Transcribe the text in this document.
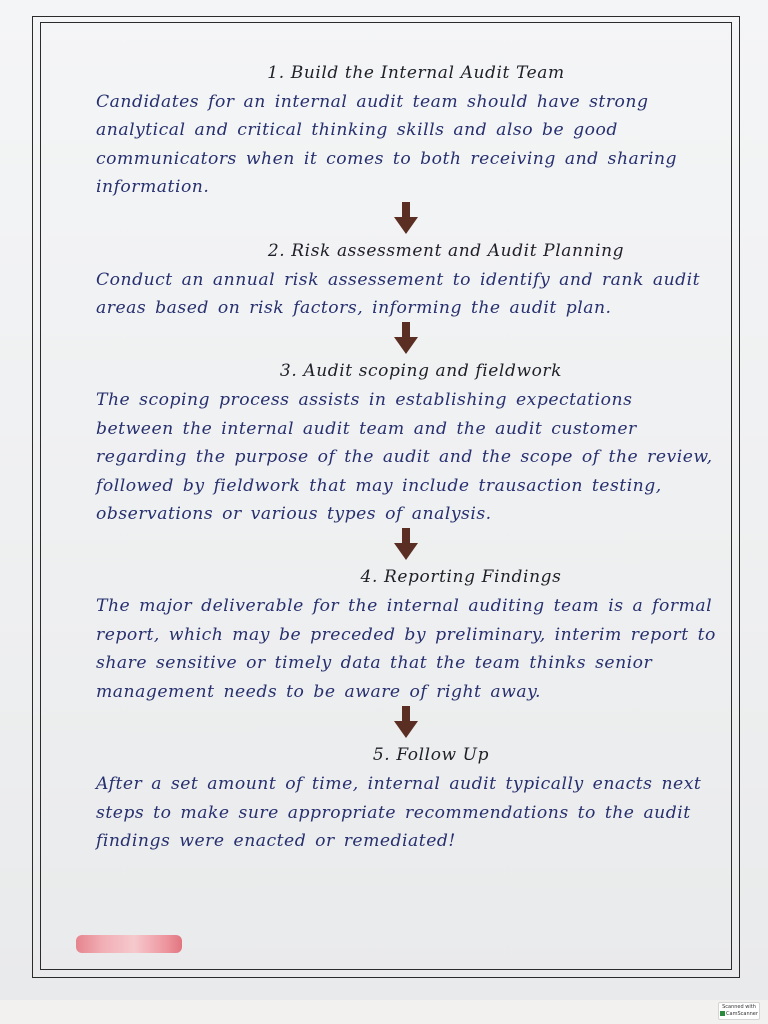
1. Build the Internal Audit Team
Candidates for an internal audit team should have strong analytical and critical thinking skills and also be good communicators when it comes to both receiving and sharing information.
2. Risk assessment and Audit Planning
Conduct an annual risk assessement to identify and rank audit areas based on risk factors, informing the audit plan.
3. Audit scoping and fieldwork
The scoping process assists in establishing expectations between the internal audit team and the audit customer regarding the purpose of the audit and the scope of the review, followed by fieldwork that may include trausaction testing, observations or various types of analysis.
4. Reporting Findings
The major deliverable for the internal auditing team is a formal report, which may be preceded by preliminary, interim report to share sensitive or timely data that the team thinks senior management needs to be aware of right away.
5. Follow Up
After a set amount of time, internal audit typically enacts next steps to make sure appropriate recommendations to the audit findings were enacted or remediated!
Scanned with
CamScanner
